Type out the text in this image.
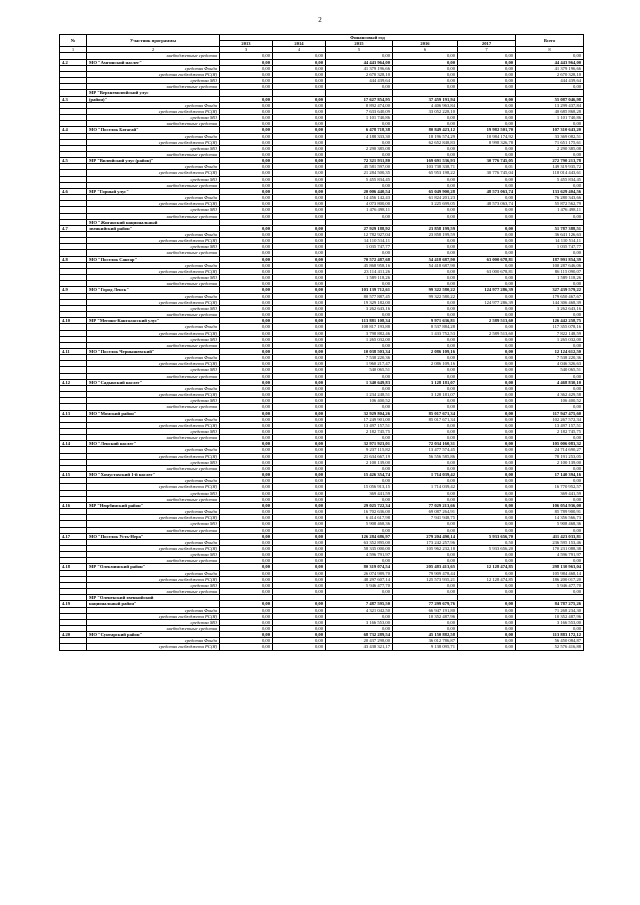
2
№	Участник программы	Финансовый год					Всего
		2013	2014	2015	2016	2017	
1	2	3	4	5	6	7	8
	внебюджетные средства	0,00	0,00	0,00	0,00	0,00	0,00
4.2	МО "Амгинский наслег"	0,00	0,00	44 443 964,00	0,00	0,00	44 443 964,00
	средства Фонда	0,00	0,00	41 379 196,66	0,00	0,00	41 379 196,66
	средства госбюджета РС(Я)	0,00	0,00	2 670 328,10	0,00	0,00	2 670 328,10
	средства МО	0,00	0,00	444 439,64	0,00	0,00	444 439,64
	внебюджетные средства	0,00	0,00	0,00	0,00	0,00	0,00
	МР "Верхневилюйский улус						
4.3	(район)"	0,00	0,00	17 627 854,95	37 459 191,94	0,00	55 087 046,98
	средства Фонда	0,00	0,00	8 892 474,00	4 406 963,84	0,00	13 299 437,84
	средства госбюджета РС(Я)	0,00	0,00	7 633 640,09	33 052 228,10	0,00	40 685 868,28
	средства МО	0,00	0,00	1 101 740,86	0,00	0,00	1 101 740,86
	внебюджетные средства	0,00	0,00	0,00	0,00	0,00	0,00
4.4	МО "Поселок Батагай"	0,00	0,00	6 478 718,38	80 849 423,12	19 982 501,70	107 310 643,20
	средства Фонда	0,00	0,00	4 188 333,30	18 196 574,29	10 984 174,92	33 369 082,51
	средства госбюджета РС(Я)	0,00	0,00	0,00	62 652 848,83	8 998 326,78	71 651 175,61
	средства МО	0,00	0,00	2 290 385,08	0,00	0,00	2 290 385,08
	внебюджетные средства	0,00	0,00	0,00	0,00	0,00	0,00
4.5	МР "Вилюйский улус (район)"	0,00	0,00	72 321 931,80	169 691 536,93	30 776 745,05	272 790 213,78
	средства Фонда	0,00	0,00	45 581 597,00	103 738 338,71	0,01	149 319 935,72
	средства госбюджета РС(Я)	0,00	0,00	21 284 500,35	65 953 198,22	30 776 745,04	118 014 443,61
	средства МО	0,00	0,00	5 455 834,45	0,00	0,00	5 455 834,45
	внебюджетные средства	0,00	0,00	0,00	0,00	0,00	0,00
4.6	МР "Горный улус"	0,00	0,00	20 006 440,54	65 049 900,28	48 573 063,74	133 629 404,56
	средства Фонда	0,00	0,00	14 456 142,43	61 824 201,23	0,00	76 280 343,66
	средства госбюджета РС(Я)	0,00	0,00	4 073 800,00	3 225 699,05	48 573 063,74	55 872 562,79
	средства МО	0,00	0,00	1 476 498,11	0,00	0,00	1 476 498,11
	внебюджетные средства	0,00	0,00	0,00	0,00	0,00	0,00
	МО "Жиганский национальный						
4.7	эвенкийский район"	0,00	0,00	27 929 188,92	23 858 199,59	0,00	51 787 388,51
	средства Фонда	0,00	0,00	12 782 927,04	23 858 199,59	0,00	36 641 126,63
	средства госбюджета РС(Я)	0,00	0,00	14 110 514,11	0,00	0,00	14 110 514,11
	средства МО	0,00	0,00	1 035 747,77	0,00	0,00	1 035 747,77
	внебюджетные средства	0,00	0,00	0,00	0,00	0,00	0,00
4.8	МО "Поселок Сангар"	0,00	0,00	70 572 487,68	54 418 687,90	63 000 678,81	187 991 854,39
	средства Фонда	0,00	0,00	45 868 958,16	54 418 687,90	0,00	100 287 646,06
	средства госбюджета РС(Я)	0,00	0,00	23 114 411,26	0,00	63 000 678,81	86 115 090,07
	средства МО	0,00	0,00	1 589 118,26	0,00	0,00	1 589 118,26
	внебюджетные средства	0,00	0,00	0,00	0,00	0,00	0,00
4.9	МО "Город Ленск"	0,00	0,00	103 139 712,61	99 322 580,22	124 977 286,39	327 439 579,22
	средства Фонда	0,00	0,00	80 577 887,45	99 322 580,22	0,00	179 650 467,67
	средства госбюджета РС(Я)	0,00	0,00	19 329 182,00	0,00	124 977 286,39	144 306 468,39
	средства МО	0,00	0,00	3 262 643,16	0,00	0,00	3 262 643,16
	внебюджетные средства	0,00	0,00	0,00	0,00	0,00	0,00
4.10	МР "Мегино-Кангаласский улус"	0,00	0,00	113 881 108,34	9 971 636,81	2 589 513,60	126 442 258,75
	средства Фонда	0,00	0,00	108 817 193,88	8 537 884,28	0,00	117 355 078,16
	средства госбюджета РС(Я)	0,00	0,00	3 798 882,46	1 433 752,53	2 589 513,60	7 822 148,59
	средства МО	0,00	0,00	1 265 032,00	0,00	0,00	1 265 032,00
	внебюджетные средства	0,00	0,00	0,00	0,00	0,00	0,00
4.11	МО "Поселок Чернышевский"	0,00	0,00	10 038 503,34	2 086 109,16	0,00	12 124 612,50
	средства Фонда	0,00	0,00	7 538 220,36	0,00	0,00	7 538 220,36
	средства госбюджета РС(Я)	0,00	0,00	1 960 217,47	2 086 109,16	0,00	4 046 326,63
	средства МО	0,00	0,00	540 065,51	0,00	0,00	540 065,51
	внебюджетные средства	0,00	0,00	0,00	0,00	0,00	0,00
4.12	МО "Садынский наслег"	0,00	0,00	1 340 649,83	3 128 181,07	0,00	4 468 830,10
	средства Фонда	0,00	0,00	0,00	0,00	0,00	0,00
	средства госбюджета РС(Я)	0,00	0,00	1 234 248,51	3 128 181,07	0,00	4 362 429,58
	средства МО	0,00	0,00	106 400,52	0,00	0,00	106 400,52
	внебюджетные средства	0,00	0,00	0,00	0,00	0,00	0,00
4.13	МО "Момский район"	0,00	0,00	32 929 804,26	85 017 671,34	0,00	117 947 475,60
	средства Фонда	0,00	0,00	17 249 901,00	85 017 671,34	0,00	102 267 572,34
	средства госбюджета РС(Я)	0,00	0,00	13 497 157,51	0,00	0,00	13 497 157,51
	средства МО	0,00	0,00	2 182 745,75	0,00	0,00	2 182 745,75
	внебюджетные средства	0,00	0,00	0,00	0,00	0,00	0,00
4.14	МО "Ленский наслег"	0,00	0,00	32 971 923,01	72 034 160,31	0,00	105 006 083,32
	средства Фонда	0,00	0,00	9 237 115,82	13 477 574,45	0,00	24 714 690,27
	средства госбюджета РС(Я)	0,00	0,00	21 634 667,19	56 556 585,86	0,00	78 191 253,05
	средства МО	0,00	0,00	2 100 139,00	0,00	0,00	2 100 139,00
	внебюджетные средства	0,00	0,00	0,00	0,00	0,00	0,00
4.15	МО "Хомустахский 1-й наслег"	0,00	0,00	15 426 354,74	1 714 039,42	0,00	17 140 394,16
	средства Фонда	0,00	0,00	0,00	0,00	0,00	0,00
	средства госбюджета РС(Я)	0,00	0,00	15 056 913,15	1 714 039,42	0,00	16 770 952,57
	средства МО	0,00	0,00	369 441,59	0,00	0,00	369 441,59
	внебюджетные средства	0,00	0,00	0,00	0,00	0,00	0,00
4.16	МР "Нюрбинский район"	0,00	0,00	29 025 722,34	77 029 213,66	0,00	106 054 936,00
	средства Фонда	0,00	0,00	16 702 636,00	69 087 264,91	0,00	85 789 900,91
	средства госбюджета РС(Я)	0,00	0,00	6 414 617,98	7 941 948,75	0,00	14 356 566,73
	средства МО	0,00	0,00	5 908 468,36	0,00	0,00	5 908 468,36
	внебюджетные средства	0,00	0,00	0,00	0,00	0,00	0,00
4.17	МО "Поселок Усть-Нера"	0,00	0,00	126 284 686,97	279 204 490,14	5 933 656,70	411 423 033,81
	средства Фонда	0,00	0,00	63 352 895,00	173 242 257,96	0,50	236 595 153,46
	средства госбюджета РС(Я)	0,00	0,00	58 335 000,00	105 962 232,18	5 933 656,20	170 231 088,38
	средства МО	0,00	0,00	4 596 791,97	0,00	0,00	4 596 791,97
	внебюджетные средства	0,00	0,00	0,00	0,00	0,00	0,00
4.18	МР "Олекминский район"	0,00	0,00	80 319 074,54	205 483 413,65	12 128 474,85	298 130 963,04
	средства Фонда	0,00	0,00	26 074 989,70	79 909 478,44	0,00	105 984 468,14
	средства госбюджета РС(Я)	0,00	0,00	48 297 607,14	125 573 935,21	12 128 474,85	186 200 017,20
	средства МО	0,00	0,00	5 946 477,70	0,00	0,00	5 946 477,70
	внебюджетные средства	0,00	0,00	0,00	0,00	0,00	0,00
	МР "Оленекский эвенкийский						
4.19	национальный район"	0,00	0,00	7 487 595,50	77 299 679,76	0,00	84 787 275,26
	средства Фонда	0,00	0,00	4 321 042,50	66 947 191,80	0,00	71 268 234,30
	средства госбюджета РС(Я)	0,00	0,00	0,00	10 352 487,96	0,00	10 352 487,96
	средства МО	0,00	0,00	3 166 553,00	0,00	0,00	3 166 553,00
	внебюджетные средства	0,00	0,00	0,00	0,00	0,00	0,00
4.20	МО "Сунтарский район"	0,00	0,00	68 732 289,54	45 150 882,58	0,00	113 883 172,12
	средства Фонда	0,00	0,00	20 437 298,00	36 012 786,87	0,00	56 450 084,87
	средства госбюджета РС(Я)	0,00	0,00	43 438 321,17	9 138 095,71	0,00	52 576 416,88
